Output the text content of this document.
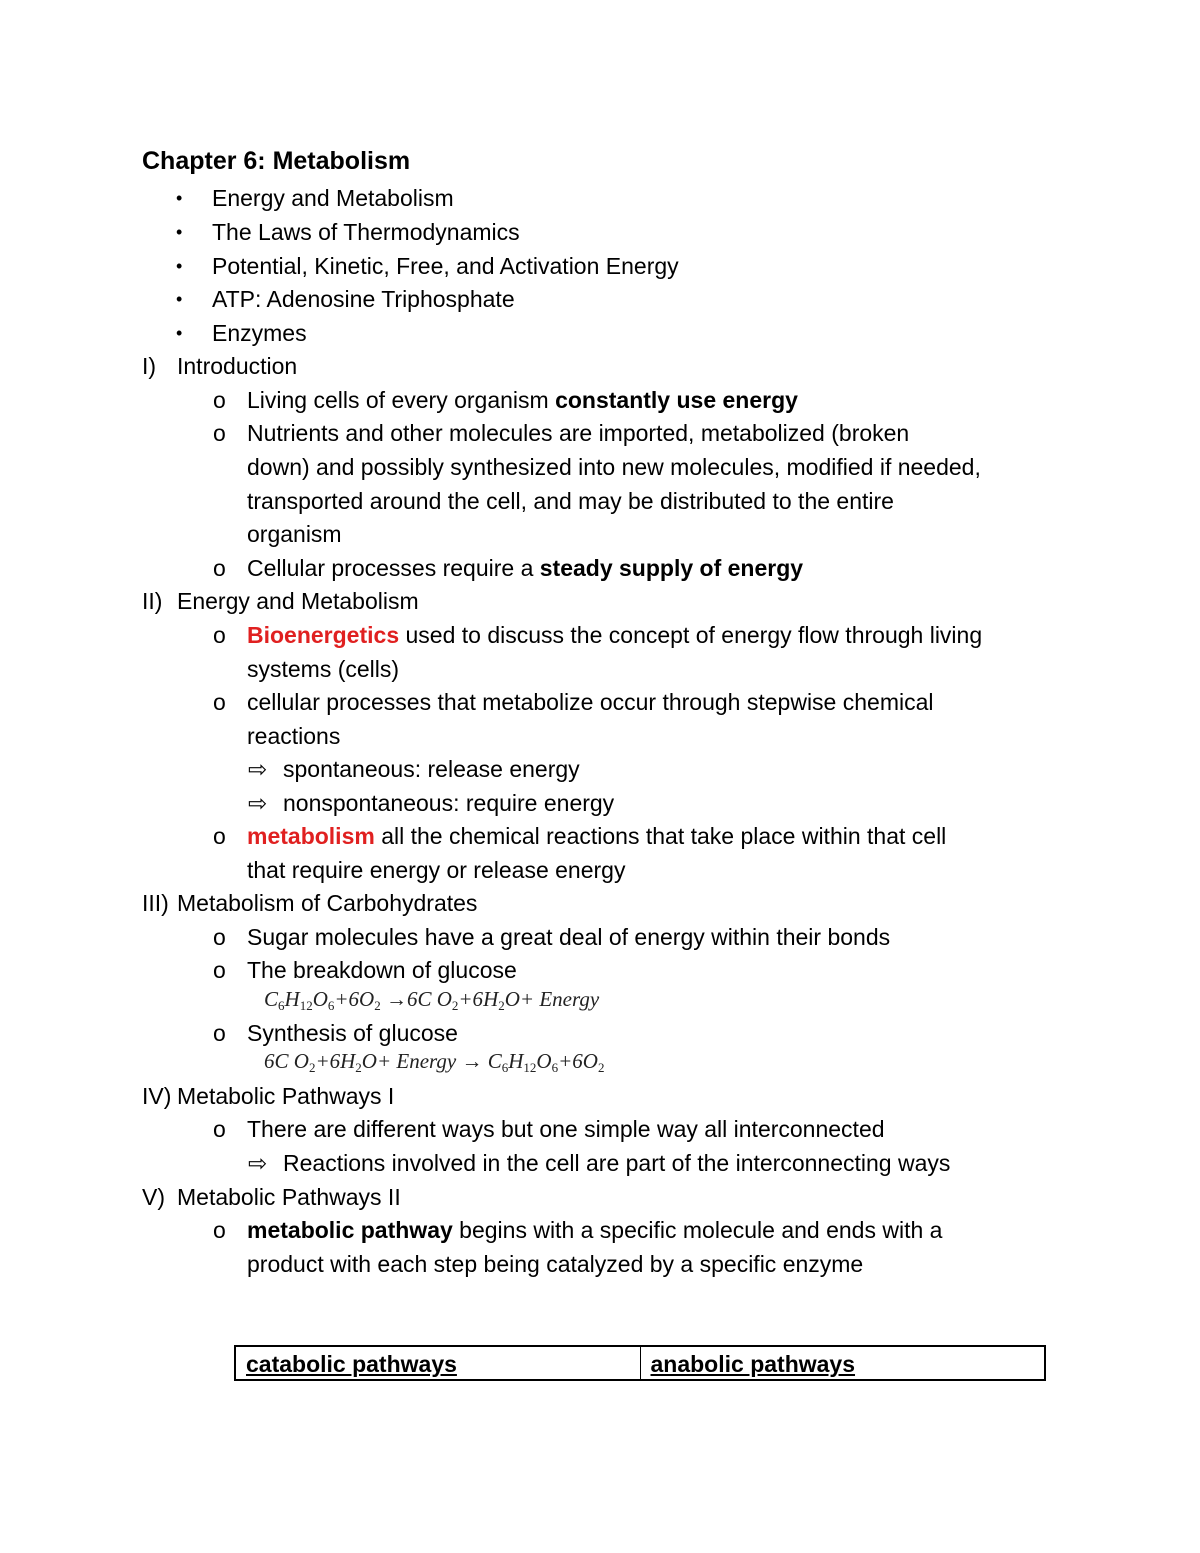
Chapter 6: Metabolism
• Energy and Metabolism
• The Laws of Thermodynamics
• Potential, Kinetic, Free, and Activation Energy
• ATP: Adenosine Triphosphate
• Enzymes
I) Introduction
o Living cells of every organism constantly use energy
o Nutrients and other molecules are imported, metabolized (broken
down) and possibly synthesized into new molecules, modified if needed,
transported around the cell, and may be distributed to the entire
organism
o Cellular processes require a steady supply of energy
II) Energy and Metabolism
o Bioenergetics used to discuss the concept of energy flow through living
systems (cells)
o cellular processes that metabolize occur through stepwise chemical
reactions
⇨ spontaneous: release energy
⇨ nonspontaneous: require energy
o metabolism all the chemical reactions that take place within that cell
that require energy or release energy
III) Metabolism of Carbohydrates
o Sugar molecules have a great deal of energy within their bonds
o The breakdown of glucose
$C_6H_{12}O_6+6O_2 \to 6C$ $O_2+6H_2O+$ Energy
o Synthesis of glucose
6C $O_2+6H_2O+$ Energy → $C_6H_{12}O_6+6O_2$
IV) Metabolic Pathways I
o There are different ways but one simple way all interconnected
⇨ Reactions involved in the cell are part of the interconnecting ways
V) Metabolic Pathways II
o metabolic pathway begins with a specific molecule and ends with a
product with each step being catalyzed by a specific enzyme
catabolic pathways	anabolic pathways
